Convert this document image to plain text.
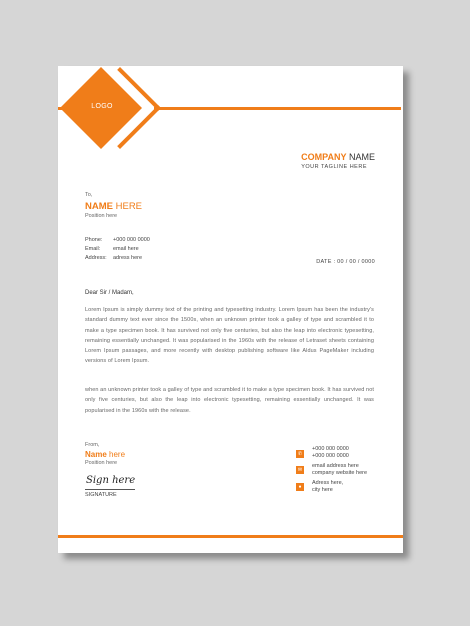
LOGO
COMPANY NAME
YOUR TAGLINE HERE
To,
NAME HERE
Position here
Phone: +000 000 0000
Email: email here
Address: adress here
DATE : 00 / 00 / 0000
Dear Sir / Madam,
Lorem Ipsum is simply dummy text of the printing and typesetting industry. Lorem Ipsum has been the industry's standard dummy text ever since the 1500s, when an unknown printer took a galley of type and scrambled it to make a type specimen book. It has survived not only five centuries, but also the leap into electronic typesetting, remaining essentially unchanged. It was popularised in the 1960s with the release of Letraset sheets containing Lorem Ipsum passages, and more recently with desktop publishing software like Aldus PageMaker including versions of Lorem Ipsum.
when an unknown printer took a galley of type and scrambled it to make a type specimen book. It has survived not only five centuries, but also the leap into electronic typesetting, remaining essentially unchanged. It was popularised in the 1960s with the release.
From,
Name here
Position here
Sign here
SIGNATURE
✆
+000 000 0000
+000 000 0000
✉
email address here
company website here
●
Adress here,
city here
